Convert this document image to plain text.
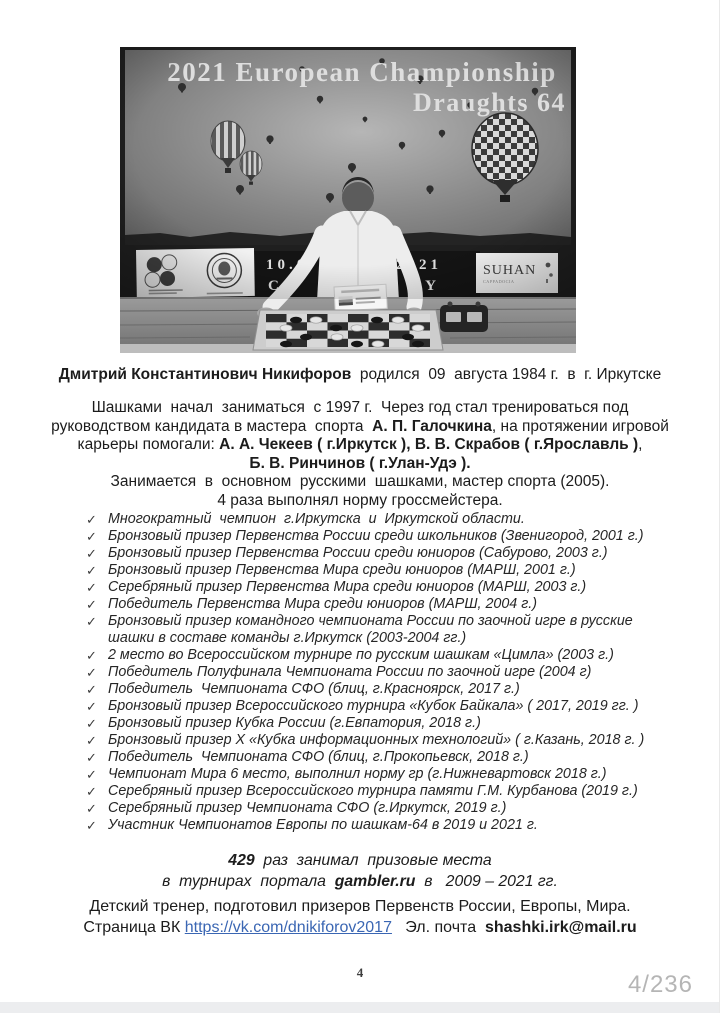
Дмитрий Константинович Никифоров  родился  09  августа 1984 г.  в  г. Иркутске
Шашками  начал  заниматься  с 1997 г.  Через год стал тренироваться под
руководством кандидата в мастера  спорта  А. П. Галочкина, на протяжении игровой
карьеры помогали: А. А. Чекеев ( г.Иркутск ), В. В. Скрабов ( г.Ярославль ),
Б. В. Ринчинов ( г.Улан-Удэ ).
Занимается  в  основном  русскими  шашками, мастер спорта (2005).
4 раза выполнял норму гроссмейстера.
✓ Многократный  чемпион  г.Иркутска  и  Иркутской области.
✓ Бронзовый призер Первенства России среди школьников (Звенигород, 2001 г.)
✓ Бронзовый призер Первенства России среди юниоров (Сабурово, 2003 г.)
✓ Бронзовый призер Первенства Мира среди юниоров (МАРШ, 2001 г.)
✓ Серебряный призер Первенства Мира среди юниоров (МАРШ, 2003 г.)
✓ Победитель Первенства Мира среди юниоров (МАРШ, 2004 г.)
✓ Бронзовый призер командного чемпионата России по заочной игре в русские шашки в составе команды г.Иркутск (2003-2004 гг.)
✓ 2 место во Всероссийском турнире по русским шашкам «Цимла» (2003 г.)
✓ Победитель Полуфинала Чемпионата России по заочной игре (2004 г)
✓ Победитель  Чемпионата СФО (блиц, г.Красноярск, 2017 г.)
✓ Бронзовый призер Всероссийского турнира «Кубок Байкала» ( 2017, 2019 гг. )
✓ Бронзовый призер Кубка России (г.Евпатория, 2018 г.)
✓ Бронзовый призер X «Кубка информационных технологий» ( г.Казань, 2018 г. )
✓ Победитель  Чемпионата СФО (блиц, г.Прокопьевск, 2018 г.)
✓ Чемпионат Мира 6 место, выполнил норму гр (г.Нижневартовск 2018 г.)
✓ Серебряный призер Всероссийского турнира памяти Г.М. Курбанова (2019 г.)
✓ Серебряный призер Чемпионата СФО (г.Иркутск, 2019 г.)
✓ Участник Чемпионатов Европы по шашкам-64 в 2019 и 2021 г.
429  раз  занимал  призовые места
в  турнирах  портала  gambler.ru  в   2009 – 2021 гг.
Детский тренер, подготовил призеров Первенств России, Европы, Мира.
Страница ВК https://vk.com/dnikiforov2017   Эл. почта  shashki.irk@mail.ru
4	4/236
